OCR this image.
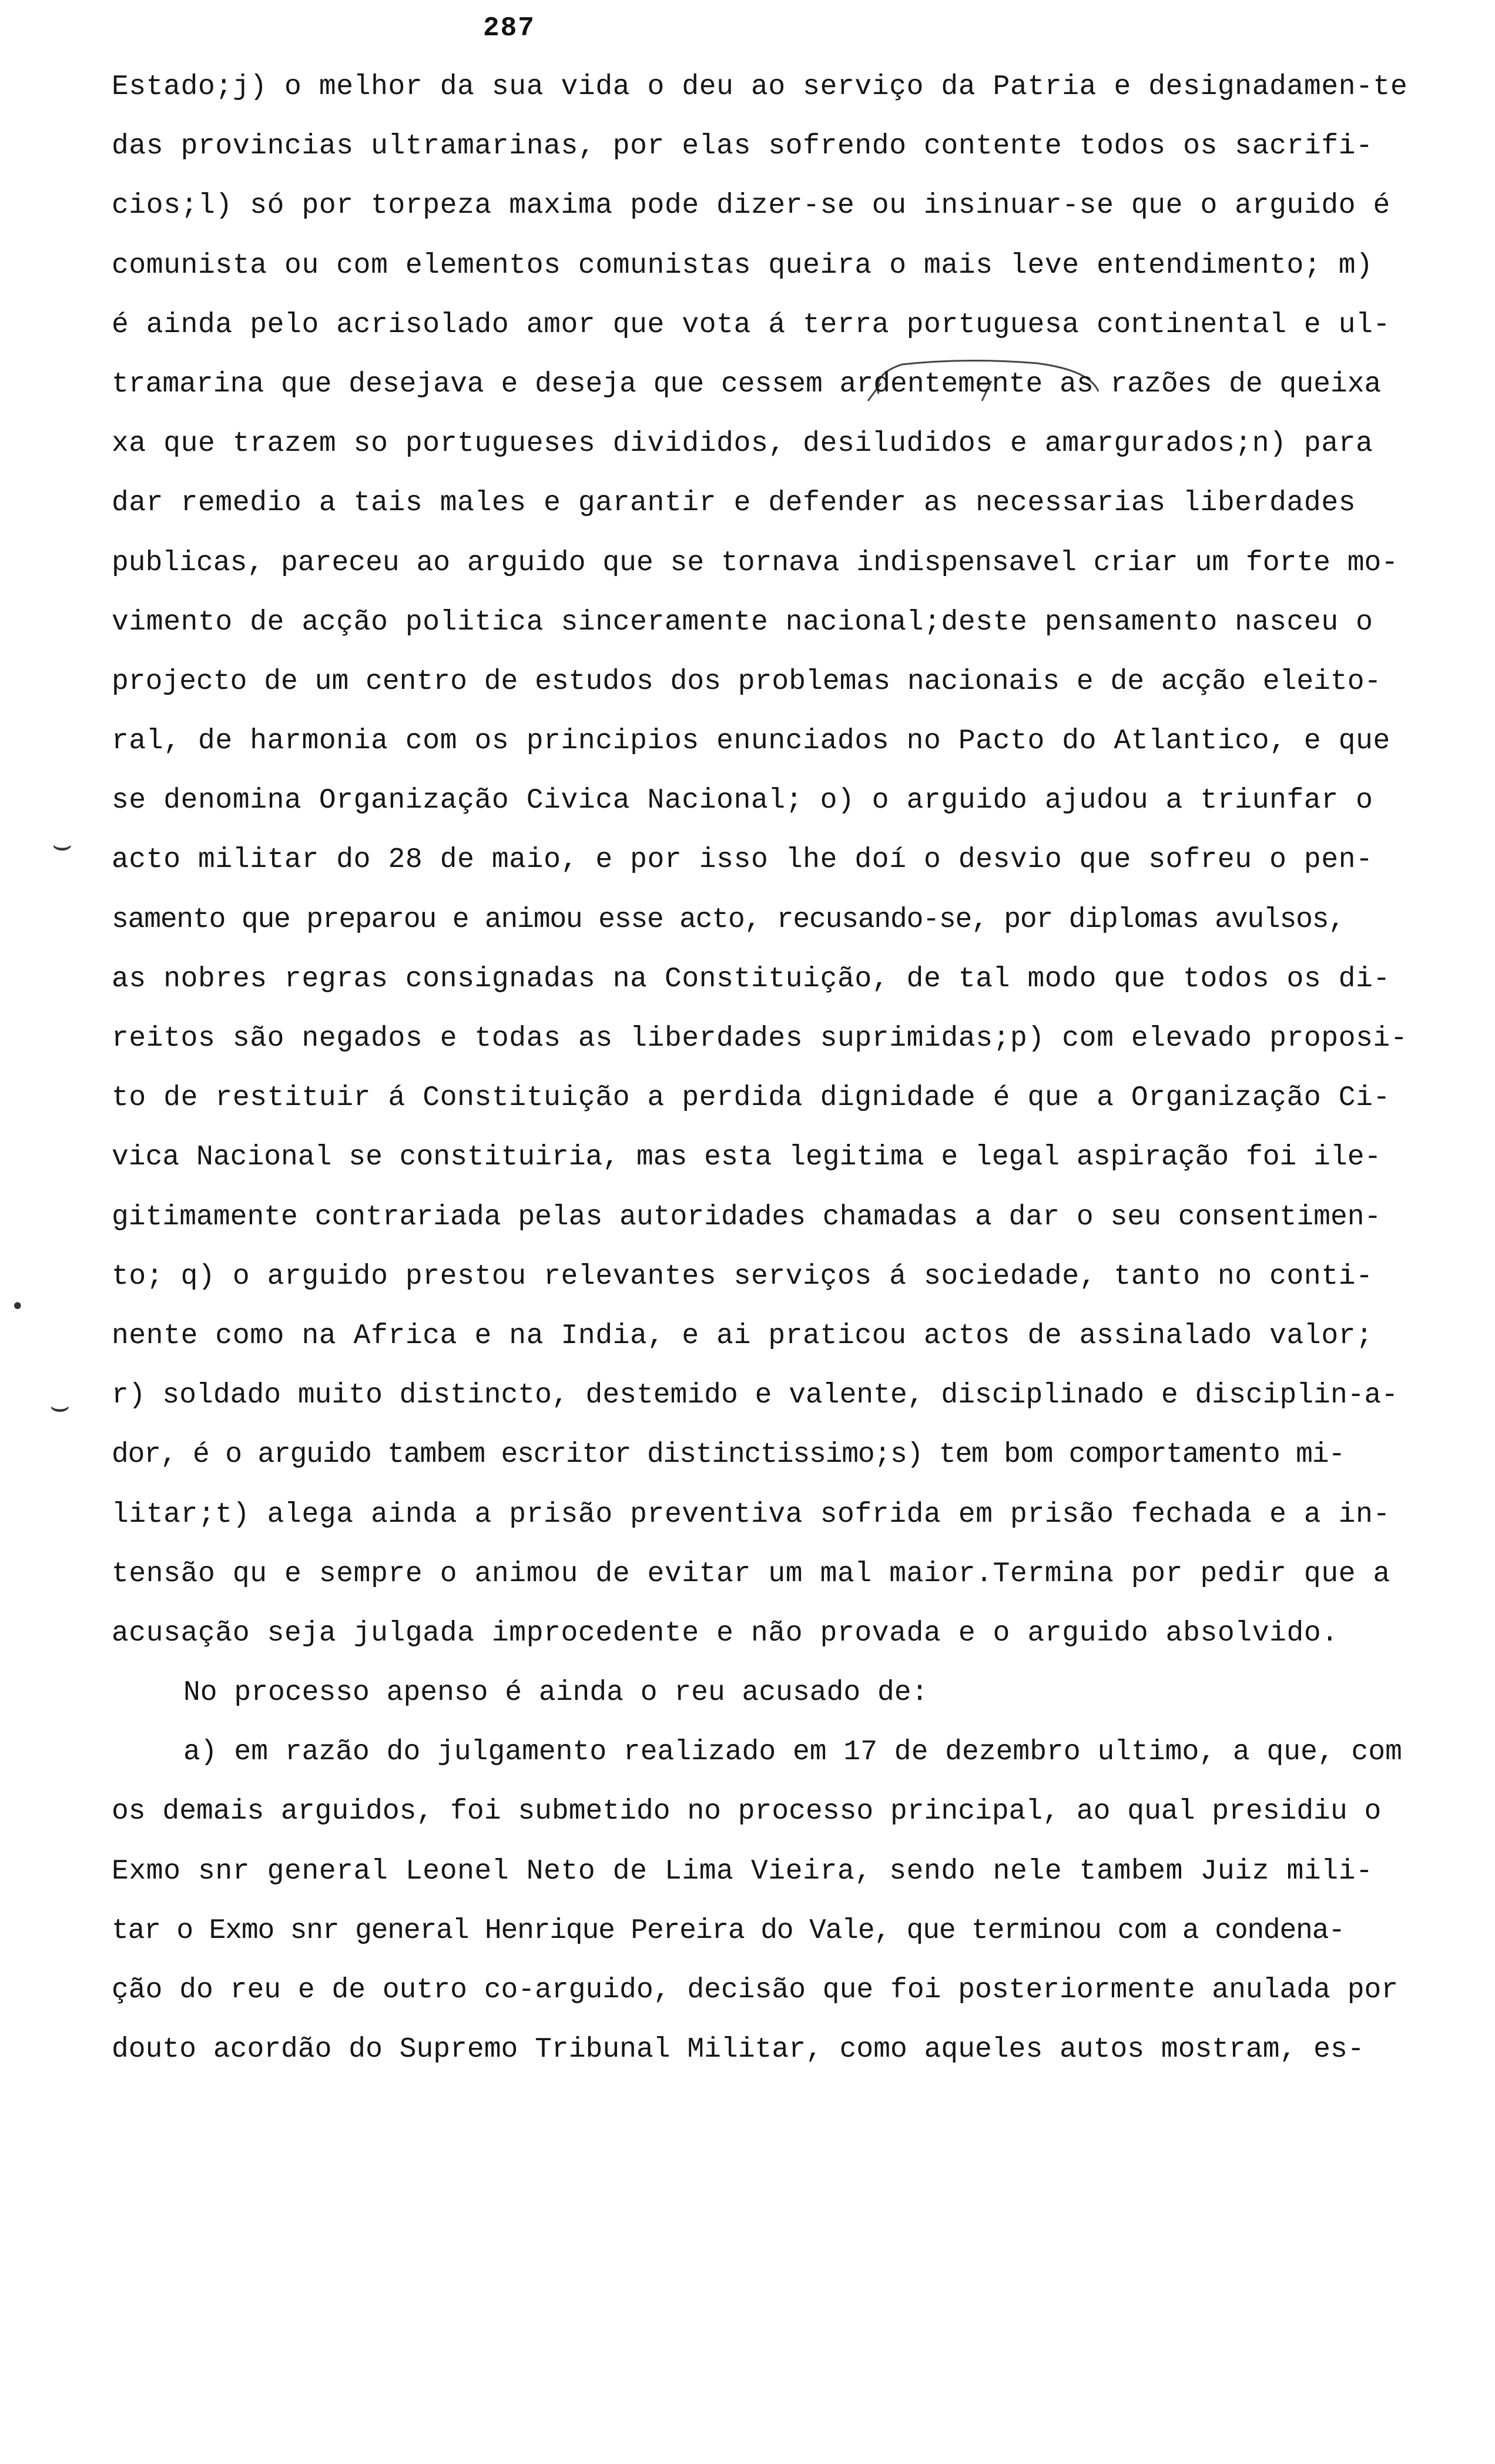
287
⌣
•
⌣
Estado;j) o melhor da sua vida o deu ao serviço da Patria e designadamen-te
das provincias ultramarinas, por elas sofrendo contente todos os sacrifi-
cios;l) só por torpeza maxima pode dizer-se ou insinuar-se que o arguido é
comunista ou com elementos comunistas queira o mais leve entendimento; m)
é ainda pelo acrisolado amor que vota á terra portuguesa continental e ul-
tramarina que desejava e deseja que cessem ardentemente as razões de queixa
xa que trazem so portugueses divididos, desiludidos e amargurados;n) para
dar remedio a tais males e garantir e defender as necessarias liberdades
publicas, pareceu ao arguido que se tornava indispensavel criar um forte mo-
vimento de acção politica sinceramente nacional;deste pensamento nasceu o
projecto de um centro de estudos dos problemas nacionais e de acção eleito-
ral, de harmonia com os principios enunciados no Pacto do Atlantico, e que
se denomina Organização Civica Nacional; o) o arguido ajudou a triunfar o
acto militar do 28 de maio, e por isso lhe doí o desvio que sofreu o pen-
samento que preparou e animou esse acto, recusando-se, por diplomas avulsos,
as nobres regras consignadas na Constituição, de tal modo que todos os di-
reitos são negados e todas as liberdades suprimidas;p) com elevado proposi-
to de restituir á Constituição a perdida dignidade é que a Organização Ci-
vica Nacional se constituiria, mas esta legitima e legal aspiração foi ile-
gitimamente contrariada pelas autoridades chamadas a dar o seu consentimen-
to; q) o arguido prestou relevantes serviços á sociedade, tanto no conti-
nente como na Africa e na India, e ai praticou actos de assinalado valor;
r) soldado muito distincto, destemido e valente, disciplinado e disciplin-a-
dor, é o arguido tambem escritor distinctissimo;s) tem bom comportamento mi-
litar;t) alega ainda a prisão preventiva sofrida em prisão fechada e a in-
tensão qu e sempre o animou de evitar um mal maior.Termina por pedir que a
acusação seja julgada improcedente e não provada e o arguido absolvido.
No processo apenso é ainda o reu acusado de:
a) em razão do julgamento realizado em 17 de dezembro ultimo, a que, com
os demais arguidos, foi submetido no processo principal, ao qual presidiu o
Exmo snr general Leonel Neto de Lima Vieira, sendo nele tambem Juiz mili-
tar o Exmo snr general Henrique Pereira do Vale, que terminou com a condena-
ção do reu e de outro co-arguido, decisão que foi posteriormente anulada por
douto acordão do Supremo Tribunal Militar, como aqueles autos mostram, es-
